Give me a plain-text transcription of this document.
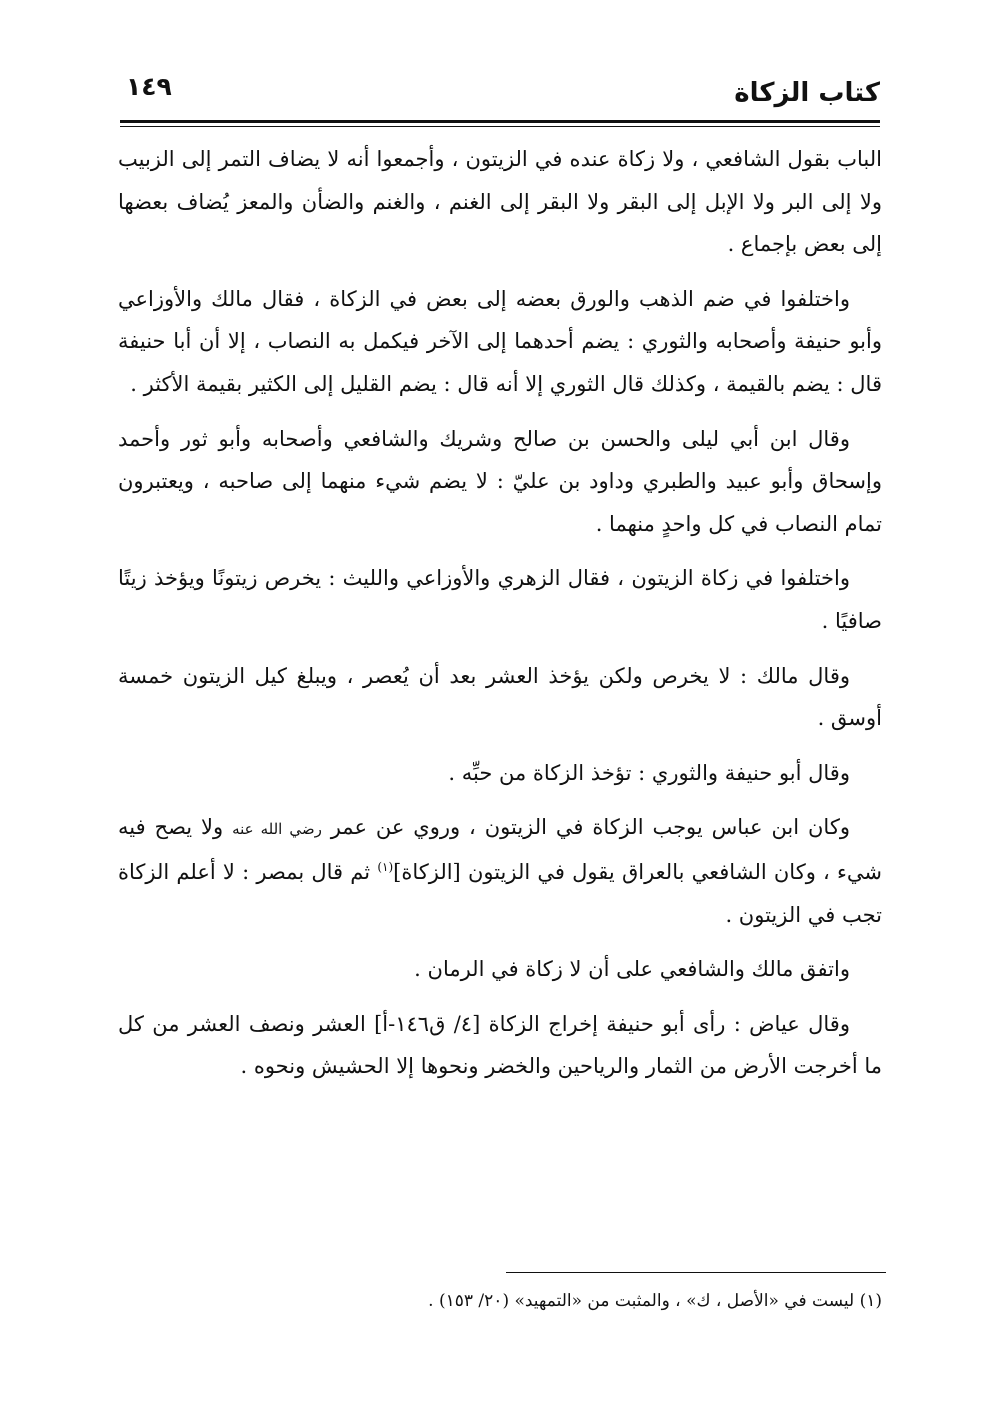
كتاب الزكاة
١٤٩

الباب بقول الشافعي ، ولا زكاة عنده في الزيتون ، وأجمعوا أنه لا يضاف التمر إلى الزبيب ولا إلى البر ولا الإبل إلى البقر ولا البقر إلى الغنم ، والغنم والضأن والمعز يُضاف بعضها إلى بعض بإجماع .

واختلفوا في ضم الذهب والورق بعضه إلى بعض في الزكاة ، فقال مالك والأوزاعي وأبو حنيفة وأصحابه والثوري : يضم أحدهما إلى الآخر فيكمل به النصاب ، إلا أن أبا حنيفة قال : يضم بالقيمة ، وكذلك قال الثوري إلا أنه قال : يضم القليل إلى الكثير بقيمة الأكثر .

وقال ابن أبي ليلى والحسن بن صالح وشريك والشافعي وأصحابه وأبو ثور وأحمد وإسحاق وأبو عبيد والطبري وداود بن عليّ : لا يضم شيء منهما إلى صاحبه ، ويعتبرون تمام النصاب في كل واحدٍ منهما .

واختلفوا في زكاة الزيتون ، فقال الزهري والأوزاعي والليث : يخرص زيتونًا ويؤخذ زيتًا صافيًا .

وقال مالك : لا يخرص ولكن يؤخذ العشر بعد أن يُعصر ، ويبلغ كيل الزيتون خمسة أوسق .

وقال أبو حنيفة والثوري : تؤخذ الزكاة من حبِّه .

وكان ابن عباس يوجب الزكاة في الزيتون ، وروي عن عمر رضي الله عنه ولا يصح فيه شيء ، وكان الشافعي بالعراق يقول في الزيتون [الزكاة]$^{(١)}$ ثم قال بمصر : لا أعلم الزكاة تجب في الزيتون .

واتفق مالك والشافعي على أن لا زكاة في الرمان .

وقال عياض : رأى أبو حنيفة إخراج الزكاة [٤/ ق١٤٦-أ] العشر ونصف العشر من كل ما أخرجت الأرض من الثمار والرياحين والخضر ونحوها إلا الحشيش ونحوه .

(١) ليست في «الأصل ، ك» ، والمثبت من «التمهيد» (٢٠/ ١٥٣) .
